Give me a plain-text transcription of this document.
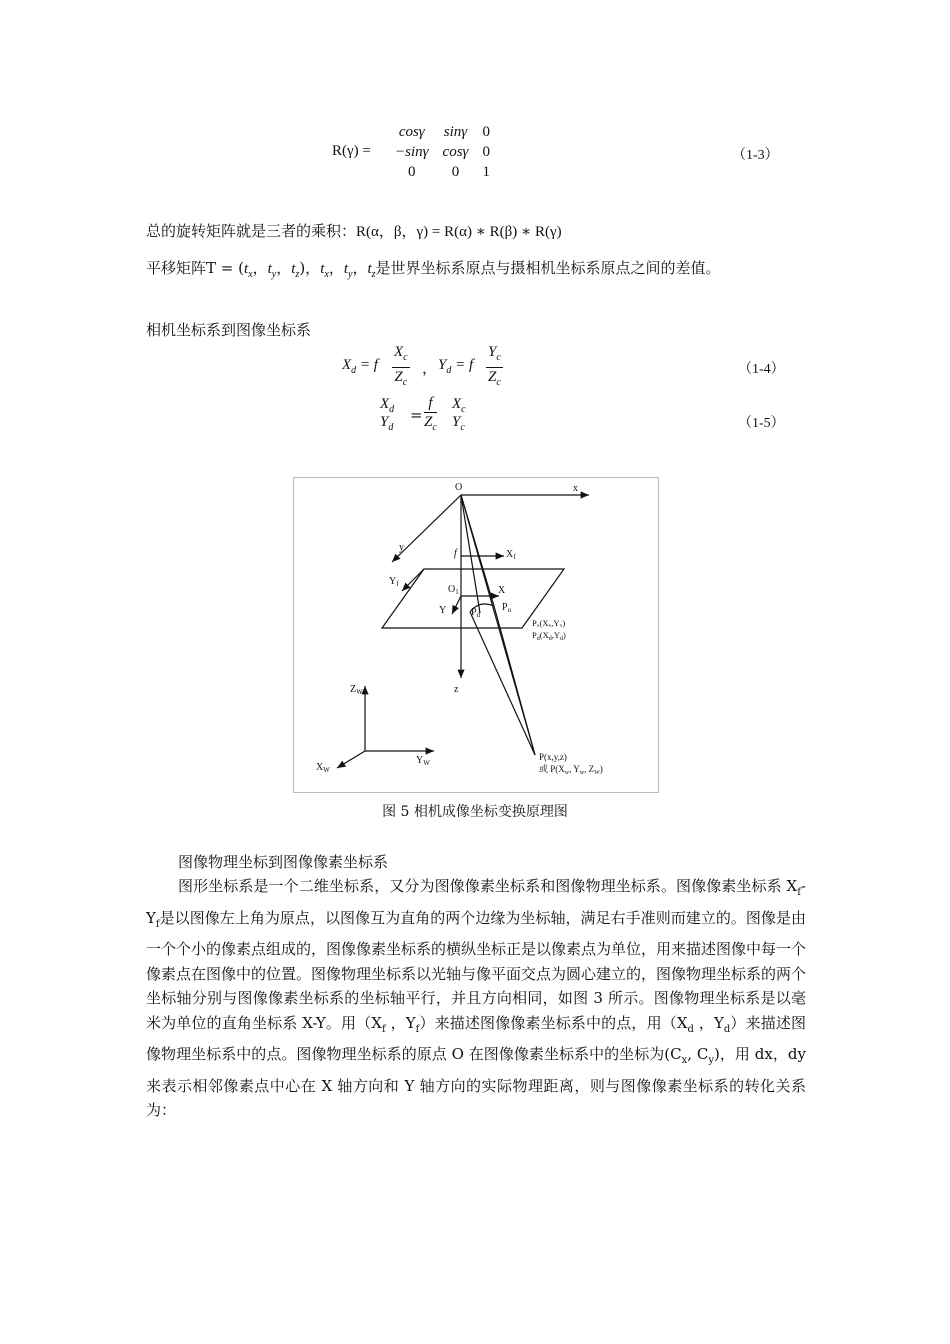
R(γ) =
cosγ	sinγ	0
−sinγ	cosγ	0
0	0	1
（1-3）
总的旋转矩阵就是三者的乘积：R(α，β，γ) = R(α) ∗ R(β) ∗ R(γ)
平移矩阵$T = (t_x$，$t_y$，$t_z$)，$t_x$，$t_y$，$t_z$是世界坐标系原点与摄相机坐标系原点之间的差值。
相机坐标系到图像坐标系
$X_d = f \frac{X_c}{Z_c}$ ， $Y_d = f \frac{Y_c}{Z_c}$	（1-4）
$X_d$
$Y_d$
= $\frac{f}{Z_c} X_c$
$Y_c$	（1-5）
O	x
y
f	$X_f$
$Y_f$	$O_1$	X
Y $P_d$
$P_u$
Pᵤ(Xᵤ,Yᵤ)
$P_d(X_d,Y_d)$
z
$Z_W$
$X_W$
$Y_W$
P(x,y,z)
或 $P(X_w$, $Y_w$, $Z_W$)
图 5 相机成像坐标变换原理图
图像物理坐标到图像像素坐标系
图形坐标系是一个二维坐标系，又分为图像像素坐标系和图像物理坐标系。图像像素坐标系 $X_f-Y_f$是以图像左上角为原点，以图像互为直角的两个边缘为坐标轴，满足右手准则而建立的。图像是由一个个小的像素点组成的，图像像素坐标系的横纵坐标正是以像素点为单位，用来描述图像中每一个像素点在图像中的位置。图像物理坐标系以光轴与像平面交点为圆心建立的，图像物理坐标系的两个坐标轴分别与图像像素坐标系的坐标轴平行，并且方向相同，如图 3 所示。图像物理坐标系是以毫米为单位的直角坐标系 X-Y。用（$X_f$ ，$Y_f$）来描述图像像素坐标系中的点，用（$X_d$ ，$Y_d$）来描述图像物理坐标系中的点。图像物理坐标系的原点 O 在图像像素坐标系中的坐标为($C_x$, $C_y$)，用 dx，dy 来表示相邻像素点中心在 X 轴方向和 Y 轴方向的实际物理距离，则与图像像素坐标系的转化关系为：
